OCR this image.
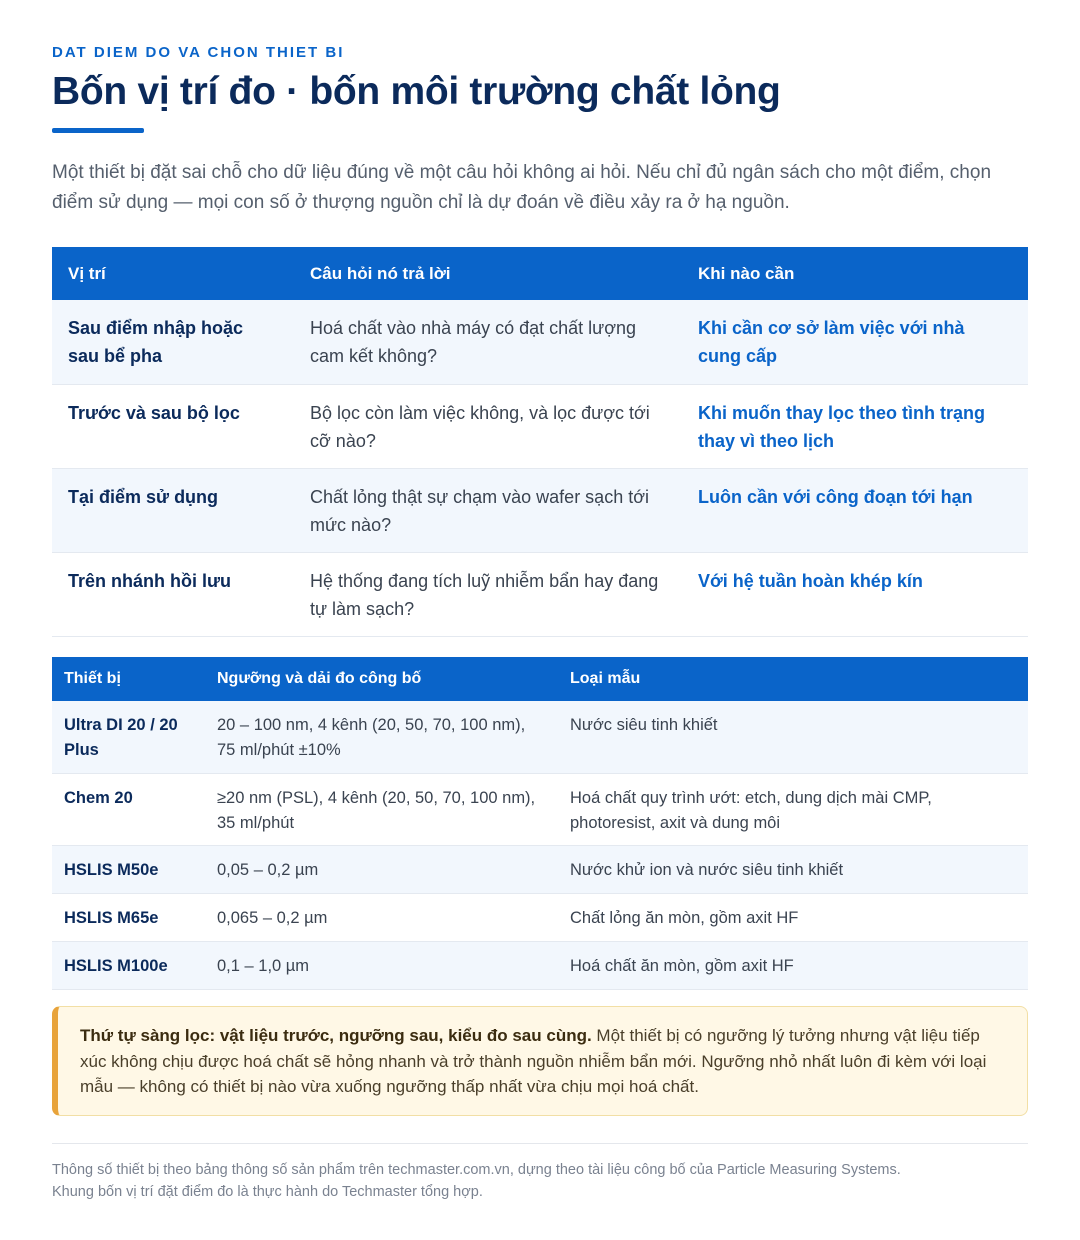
DAT DIEM DO VA CHON THIET BI
Bốn vị trí đo · bốn môi trường chất lỏng

Một thiết bị đặt sai chỗ cho dữ liệu đúng về một câu hỏi không ai hỏi. Nếu chỉ đủ ngân sách cho một điểm, chọn điểm sử dụng — mọi con số ở thượng nguồn chỉ là dự đoán về điều xảy ra ở hạ nguồn.

Vị trí	Câu hỏi nó trả lời	Khi nào cần
Sau điểm nhập hoặc sau bể pha	Hoá chất vào nhà máy có đạt chất lượng cam kết không?	Khi cần cơ sở làm việc với nhà cung cấp
Trước và sau bộ lọc	Bộ lọc còn làm việc không, và lọc được tới cỡ nào?	Khi muốn thay lọc theo tình trạng thay vì theo lịch
Tại điểm sử dụng	Chất lỏng thật sự chạm vào wafer sạch tới mức nào?	Luôn cần với công đoạn tới hạn
Trên nhánh hồi lưu	Hệ thống đang tích luỹ nhiễm bẩn hay đang tự làm sạch?	Với hệ tuần hoàn khép kín
Thiết bị	Ngưỡng và dải đo công bố	Loại mẫu
Ultra DI 20 / 20 Plus	20 – 100 nm, 4 kênh (20, 50, 70, 100 nm), 75 ml/phút ±10%	Nước siêu tinh khiết
Chem 20	≥20 nm (PSL), 4 kênh (20, 50, 70, 100 nm), 35 ml/phút	Hoá chất quy trình ướt: etch, dung dịch mài CMP, photoresist, axit và dung môi
HSLIS M50e	0,05 – 0,2 µm	Nước khử ion và nước siêu tinh khiết
HSLIS M65e	0,065 – 0,2 µm	Chất lỏng ăn mòn, gồm axit HF
HSLIS M100e	0,1 – 1,0 µm	Hoá chất ăn mòn, gồm axit HF
Thứ tự sàng lọc: vật liệu trước, ngưỡng sau, kiểu đo sau cùng. Một thiết bị có ngưỡng lý tưởng nhưng vật liệu tiếp xúc không chịu được hoá chất sẽ hỏng nhanh và trở thành nguồn nhiễm bẩn mới. Ngưỡng nhỏ nhất luôn đi kèm với loại mẫu — không có thiết bị nào vừa xuống ngưỡng thấp nhất vừa chịu mọi hoá chất.

Thông số thiết bị theo bảng thông số sản phẩm trên techmaster.com.vn, dựng theo tài liệu công bố của Particle Measuring Systems.
Khung bốn vị trí đặt điểm đo là thực hành do Techmaster tổng hợp.
